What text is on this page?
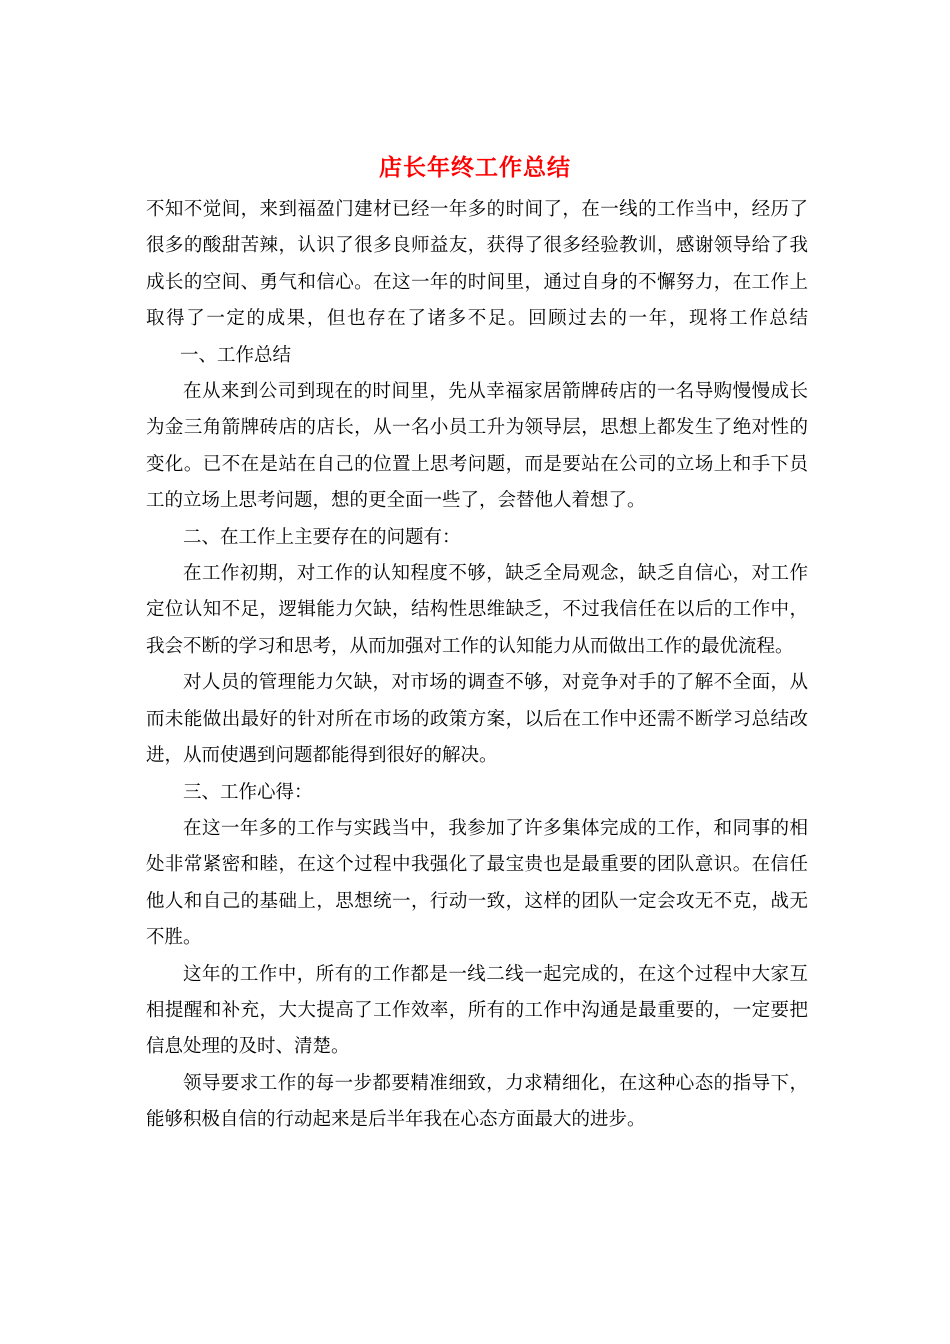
店长年终工作总结

不知不觉间，来到福盈门建材已经一年多的时间了，在一线的工作当中，经历了很多的酸甜苦辣，认识了很多良师益友，获得了很多经验教训，感谢领导给了我成长的空间、勇气和信心。在这一年的时间里，通过自身的不懈努力，在工作上取得了一定的成果，但也存在了诸多不足。回顾过去的一年，现将工作总结一、工作总结

在从来到公司到现在的时间里，先从幸福家居箭牌砖店的一名导购慢慢成长为金三角箭牌砖店的店长，从一名小员工升为领导层，思想上都发生了绝对性的变化。已不在是站在自己的位置上思考问题，而是要站在公司的立场上和手下员工的立场上思考问题，想的更全面一些了，会替他人着想了。

二、在工作上主要存在的问题有：

在工作初期，对工作的认知程度不够，缺乏全局观念，缺乏自信心，对工作定位认知不足，逻辑能力欠缺，结构性思维缺乏，不过我信任在以后的工作中，我会不断的学习和思考，从而加强对工作的认知能力从而做出工作的最优流程。

对人员的管理能力欠缺，对市场的调查不够，对竞争对手的了解不全面，从而未能做出最好的针对所在市场的政策方案，以后在工作中还需不断学习总结改进，从而使遇到问题都能得到很好的解决。

三、工作心得：

在这一年多的工作与实践当中，我参加了许多集体完成的工作，和同事的相处非常紧密和睦，在这个过程中我强化了最宝贵也是最重要的团队意识。在信任他人和自己的基础上，思想统一，行动一致，这样的团队一定会攻无不克，战无不胜。

这年的工作中，所有的工作都是一线二线一起完成的，在这个过程中大家互相提醒和补充，大大提高了工作效率，所有的工作中沟通是最重要的，一定要把信息处理的及时、清楚。

领导要求工作的每一步都要精准细致，力求精细化，在这种心态的指导下，能够积极自信的行动起来是后半年我在心态方面最大的进步。
